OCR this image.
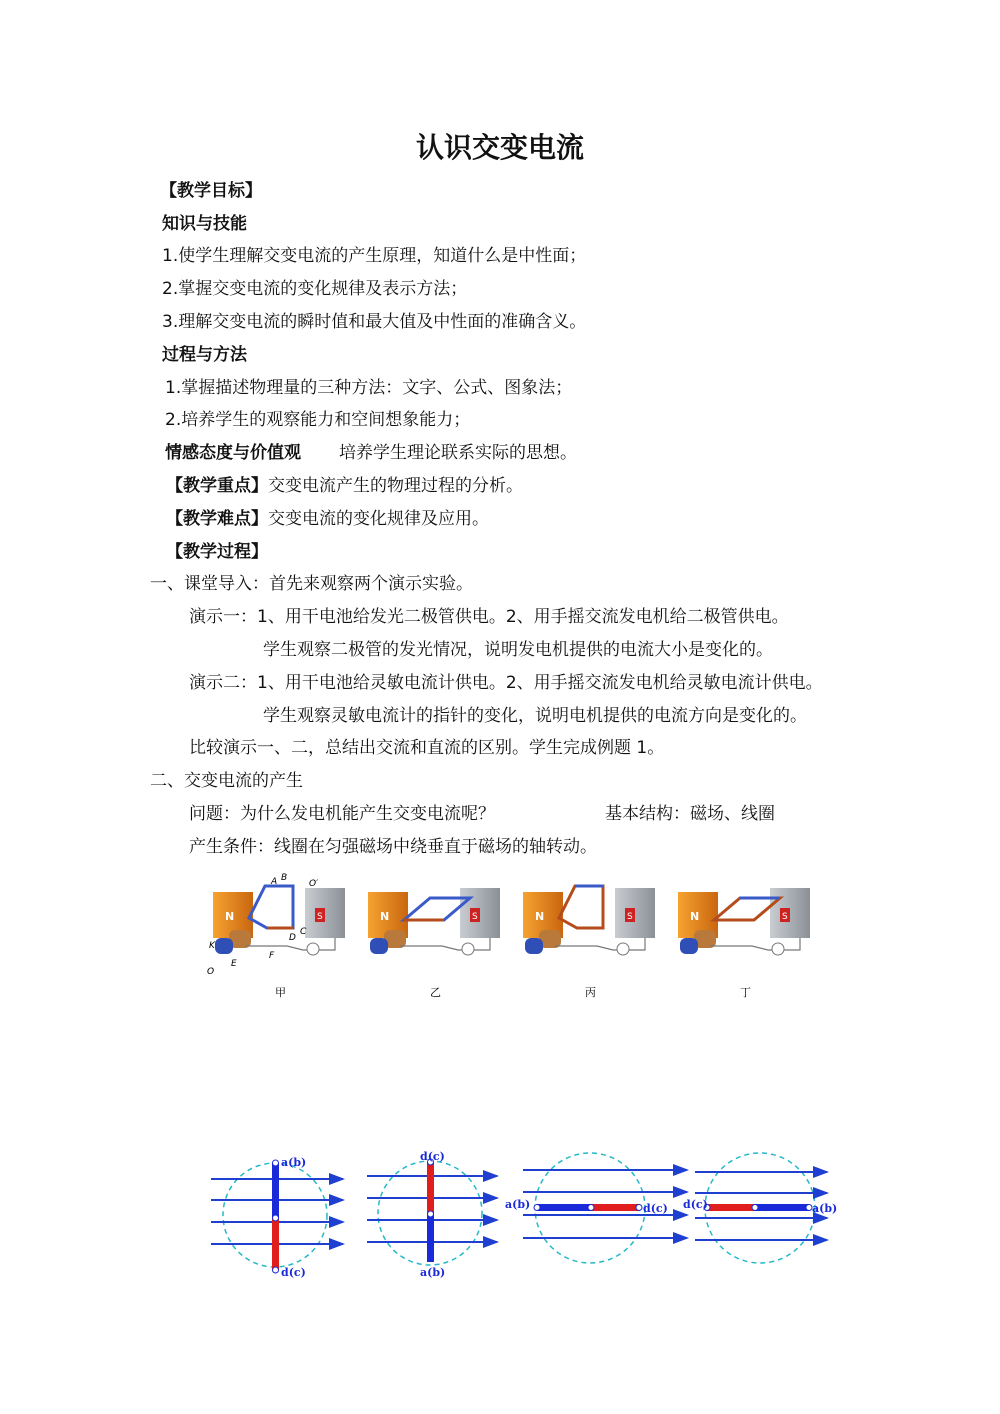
认识交变电流
【教学目标】
知识与技能
1.使学生理解交变电流的产生原理，知道什么是中性面；
2.掌握交变电流的变化规律及表示方法；
3.理解交变电流的瞬时值和最大值及中性面的准确含义。
过程与方法
1.掌握描述物理量的三种方法：文字、公式、图象法；
2.培养学生的观察能力和空间想象能力；
情感态度与价值观 培养学生理论联系实际的思想。
【教学重点】交变电流产生的物理过程的分析。
【教学难点】交变电流的变化规律及应用。
【教学过程】
一、课堂导入：首先来观察两个演示实验。
演示一：1、用干电池给发光二极管供电。2、用手摇交流发电机给二极管供电。
学生观察二极管的发光情况，说明发电机提供的电流大小是变化的。
演示二：1、用干电池给灵敏电流计供电。2、用手摇交流发电机给灵敏电流计供电。
学生观察灵敏电流计的指针的变化，说明电机提供的电流方向是变化的。
比较演示一、二，总结出交流和直流的区别。学生完成例题 1。
二、交变电流的产生
问题：为什么发电机能产生交变电流呢？	基本结构：磁场、线圈
产生条件：线圈在匀强磁场中绕垂直于磁场的轴转动。
N	S
A B
C
D
E
F
K
O
O′
甲
N	S
乙
N	S
丙
N	S
丁
a(b)
d(c)
d(c)
a(b)
a(b)	d(c) d(c)	a(b)
